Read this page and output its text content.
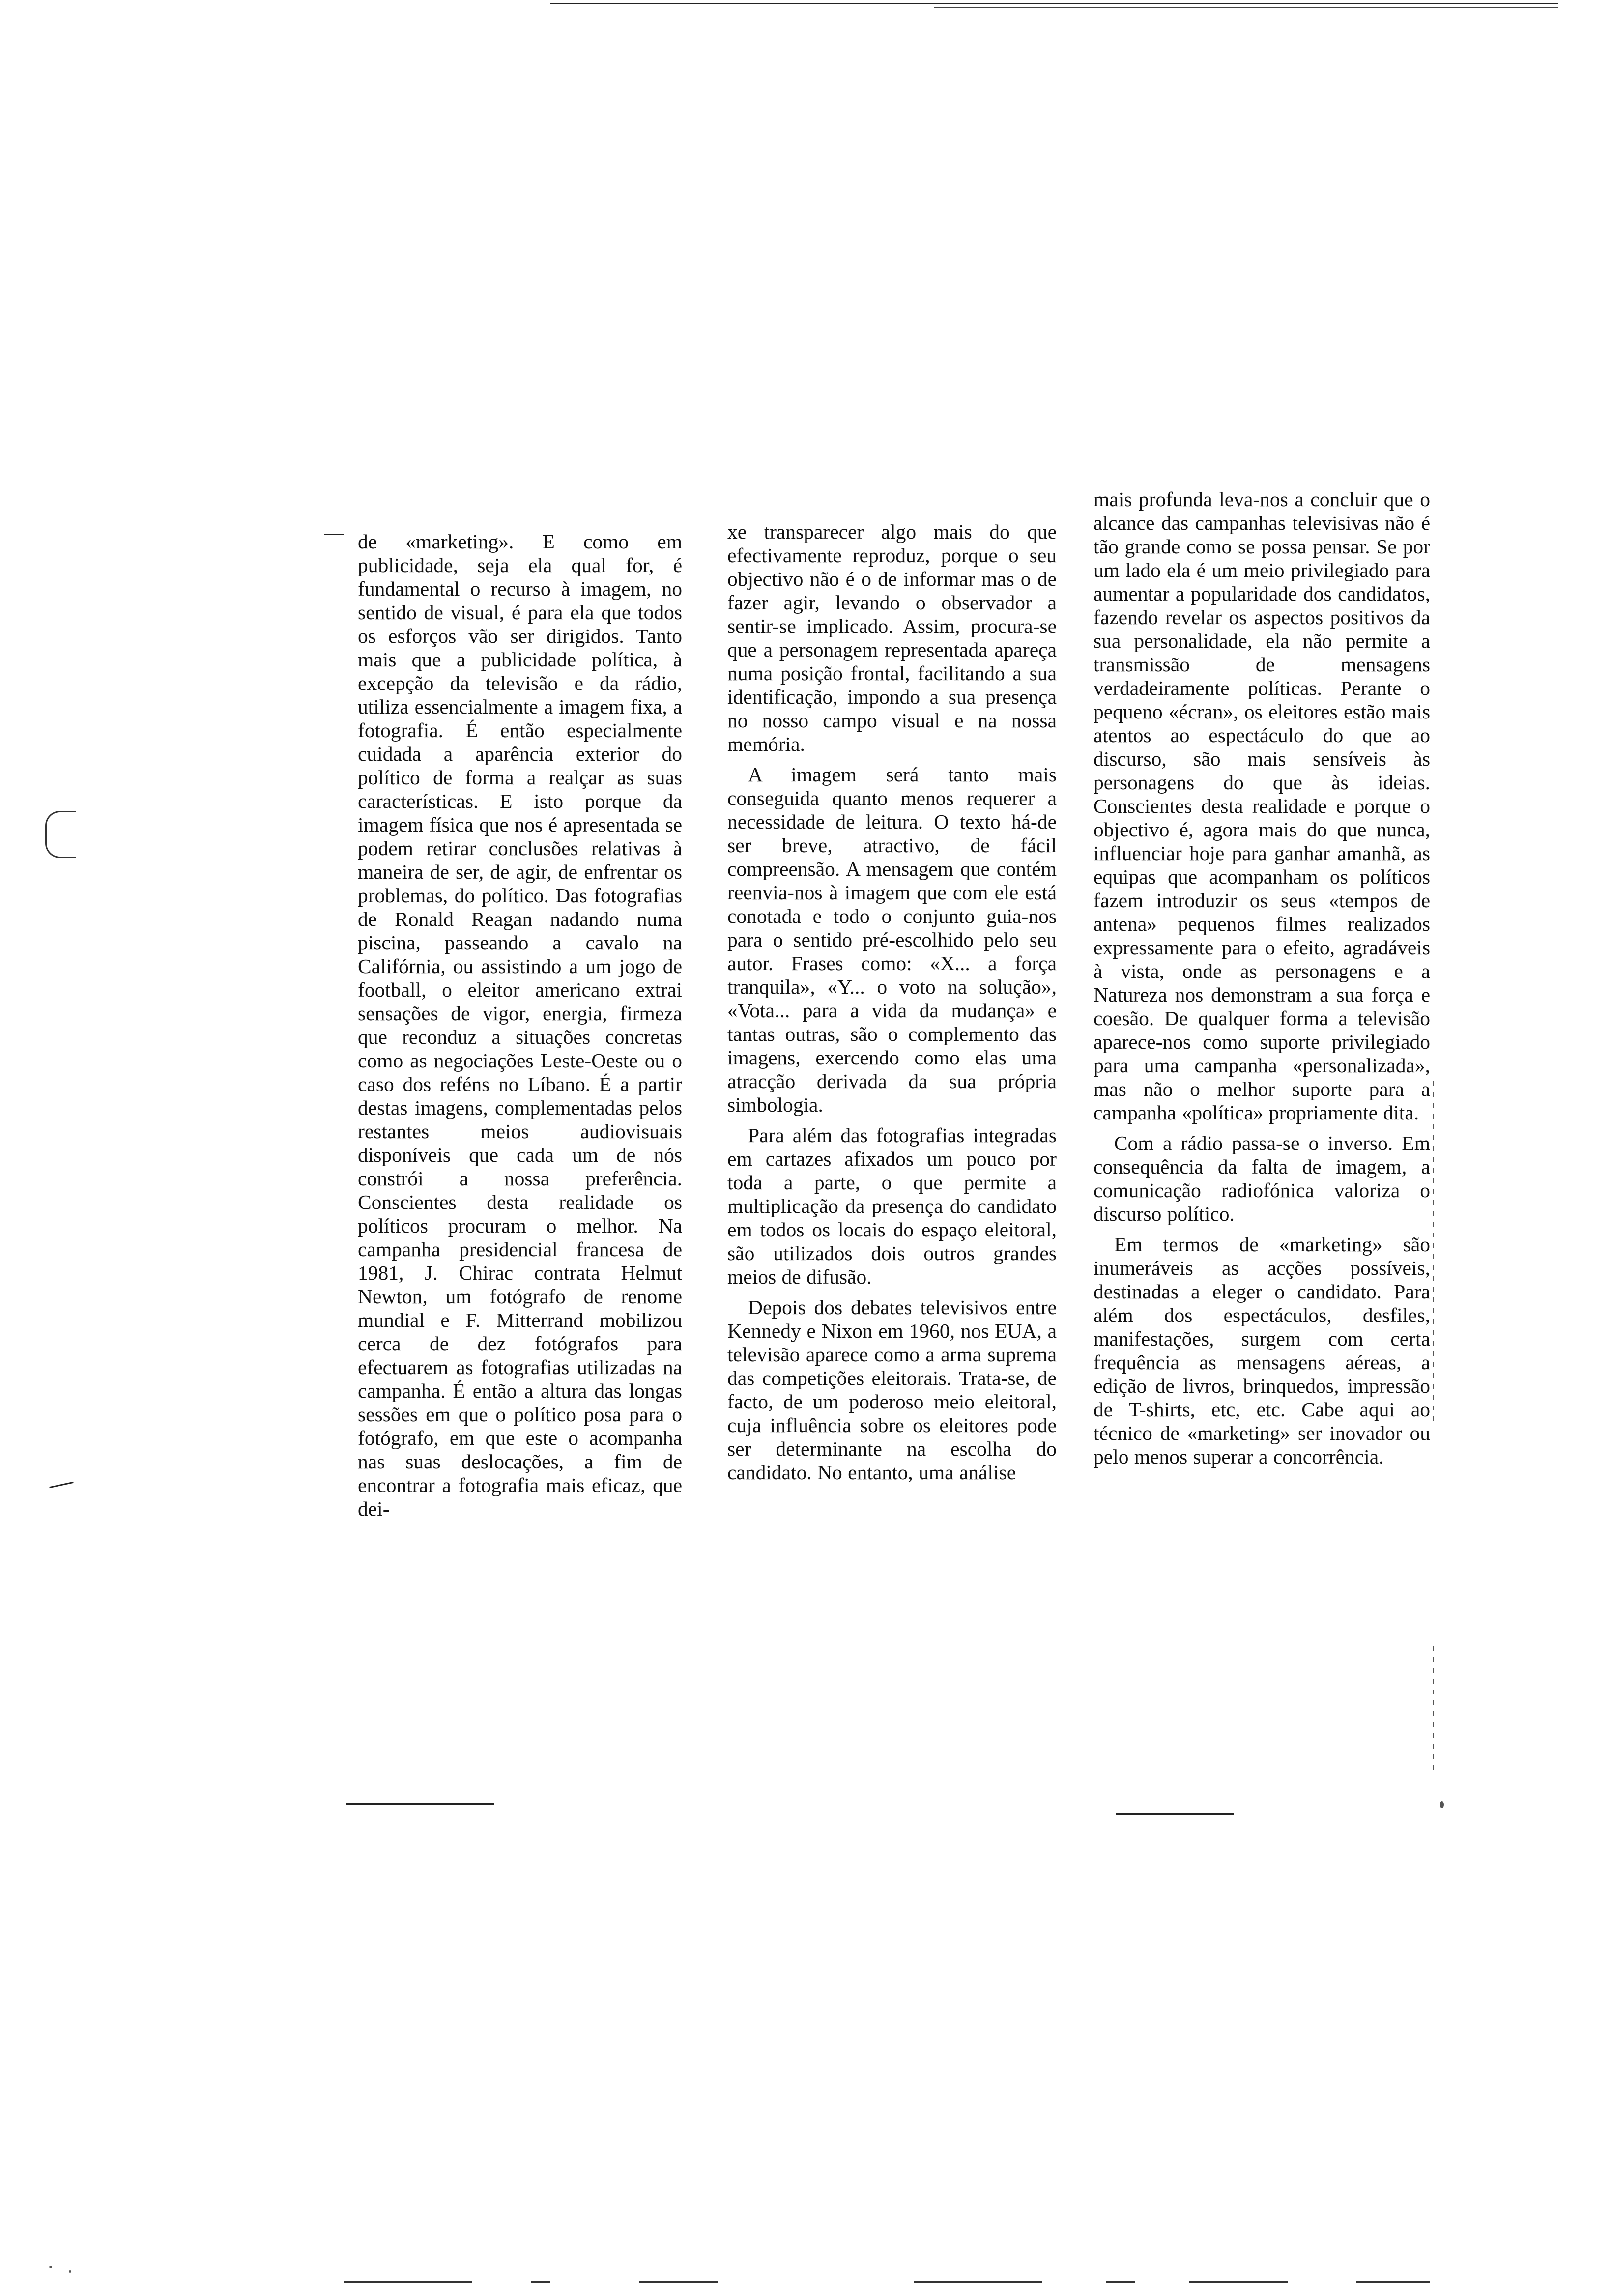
de «marketing». E como em publicidade, seja ela qual for, é fundamental o recurso à imagem, no sentido de visual, é para ela que todos os esforços vão ser dirigidos. Tanto mais que a publicidade política, à excepção da televisão e da rádio, utiliza essencialmente a imagem fixa, a fotografia. É então especialmente cuidada a aparência exterior do político de forma a realçar as suas características. E isto porque da imagem física que nos é apresentada se podem retirar conclusões relativas à maneira de ser, de agir, de enfrentar os problemas, do político. Das fotografias de Ronald Reagan nadando numa piscina, passeando a cavalo na Califórnia, ou assistindo a um jogo de football, o eleitor americano extrai sensações de vigor, energia, firmeza que reconduz a situações concretas como as negociações Leste-Oeste ou o caso dos reféns no Líbano. É a partir destas imagens, complementadas pelos restantes meios audiovisuais disponíveis que cada um de nós constrói a nossa preferência. Conscientes desta realidade os políticos procuram o melhor. Na campanha presidencial francesa de 1981, J. Chirac contrata Helmut Newton, um fotógrafo de renome mundial e F. Mitterrand mobilizou cerca de dez fotógrafos para efectuarem as fotografias utilizadas na campanha. É então a altura das longas sessões em que o político posa para o fotógrafo, em que este o acompanha nas suas deslocações, a fim de encontrar a fotografia mais eficaz, que dei-

xe transparecer algo mais do que efectivamente reproduz, porque o seu objectivo não é o de informar mas o de fazer agir, levando o observador a sentir-se implicado. Assim, procura-se que a personagem representada apareça numa posição frontal, facilitando a sua identificação, impondo a sua presença no nosso campo visual e na nossa memória.

A imagem será tanto mais conseguida quanto menos requerer a necessidade de leitura. O texto há-de ser breve, atractivo, de fácil compreensão. A mensagem que contém reenvia-nos à imagem que com ele está conotada e todo o conjunto guia-nos para o sentido pré-escolhido pelo seu autor. Frases como: «X... a força tranquila», «Y... o voto na solução», «Vota... para a vida da mudança» e tantas outras, são o complemento das imagens, exercendo como elas uma atracção derivada da sua própria simbologia.

Para além das fotografias integradas em cartazes afixados um pouco por toda a parte, o que permite a multiplicação da presença do candidato em todos os locais do espaço eleitoral, são utilizados dois outros grandes meios de difusão.

Depois dos debates televisivos entre Kennedy e Nixon em 1960, nos EUA, a televisão aparece como a arma suprema das competições eleitorais. Trata-se, de facto, de um poderoso meio eleitoral, cuja influência sobre os eleitores pode ser determinante na escolha do candidato. No entanto, uma análise

mais profunda leva-nos a concluir que o alcance das campanhas televisivas não é tão grande como se possa pensar. Se por um lado ela é um meio privilegiado para aumentar a popularidade dos candidatos, fazendo revelar os aspectos positivos da sua personalidade, ela não permite a transmissão de mensagens verdadeiramente políticas. Perante o pequeno «écran», os eleitores estão mais atentos ao espectáculo do que ao discurso, são mais sensíveis às personagens do que às ideias. Conscientes desta realidade e porque o objectivo é, agora mais do que nunca, influenciar hoje para ganhar amanhã, as equipas que acompanham os políticos fazem introduzir os seus «tempos de antena» pequenos filmes realizados expressamente para o efeito, agradáveis à vista, onde as personagens e a Natureza nos demonstram a sua força e coesão. De qualquer forma a televisão aparece-nos como suporte privilegiado para uma campanha «personalizada», mas não o melhor suporte para a campanha «política» propriamente dita.

Com a rádio passa-se o inverso. Em consequência da falta de imagem, a comunicação radiofónica valoriza o discurso político.

Em termos de «marketing» são inumeráveis as acções possíveis, destinadas a eleger o candidato. Para além dos espectáculos, desfiles, manifestações, surgem com certa frequência as mensagens aéreas, a edição de livros, brinquedos, impressão de T-shirts, etc, etc. Cabe aqui ao técnico de «marketing» ser inovador ou pelo menos superar a concorrência.
